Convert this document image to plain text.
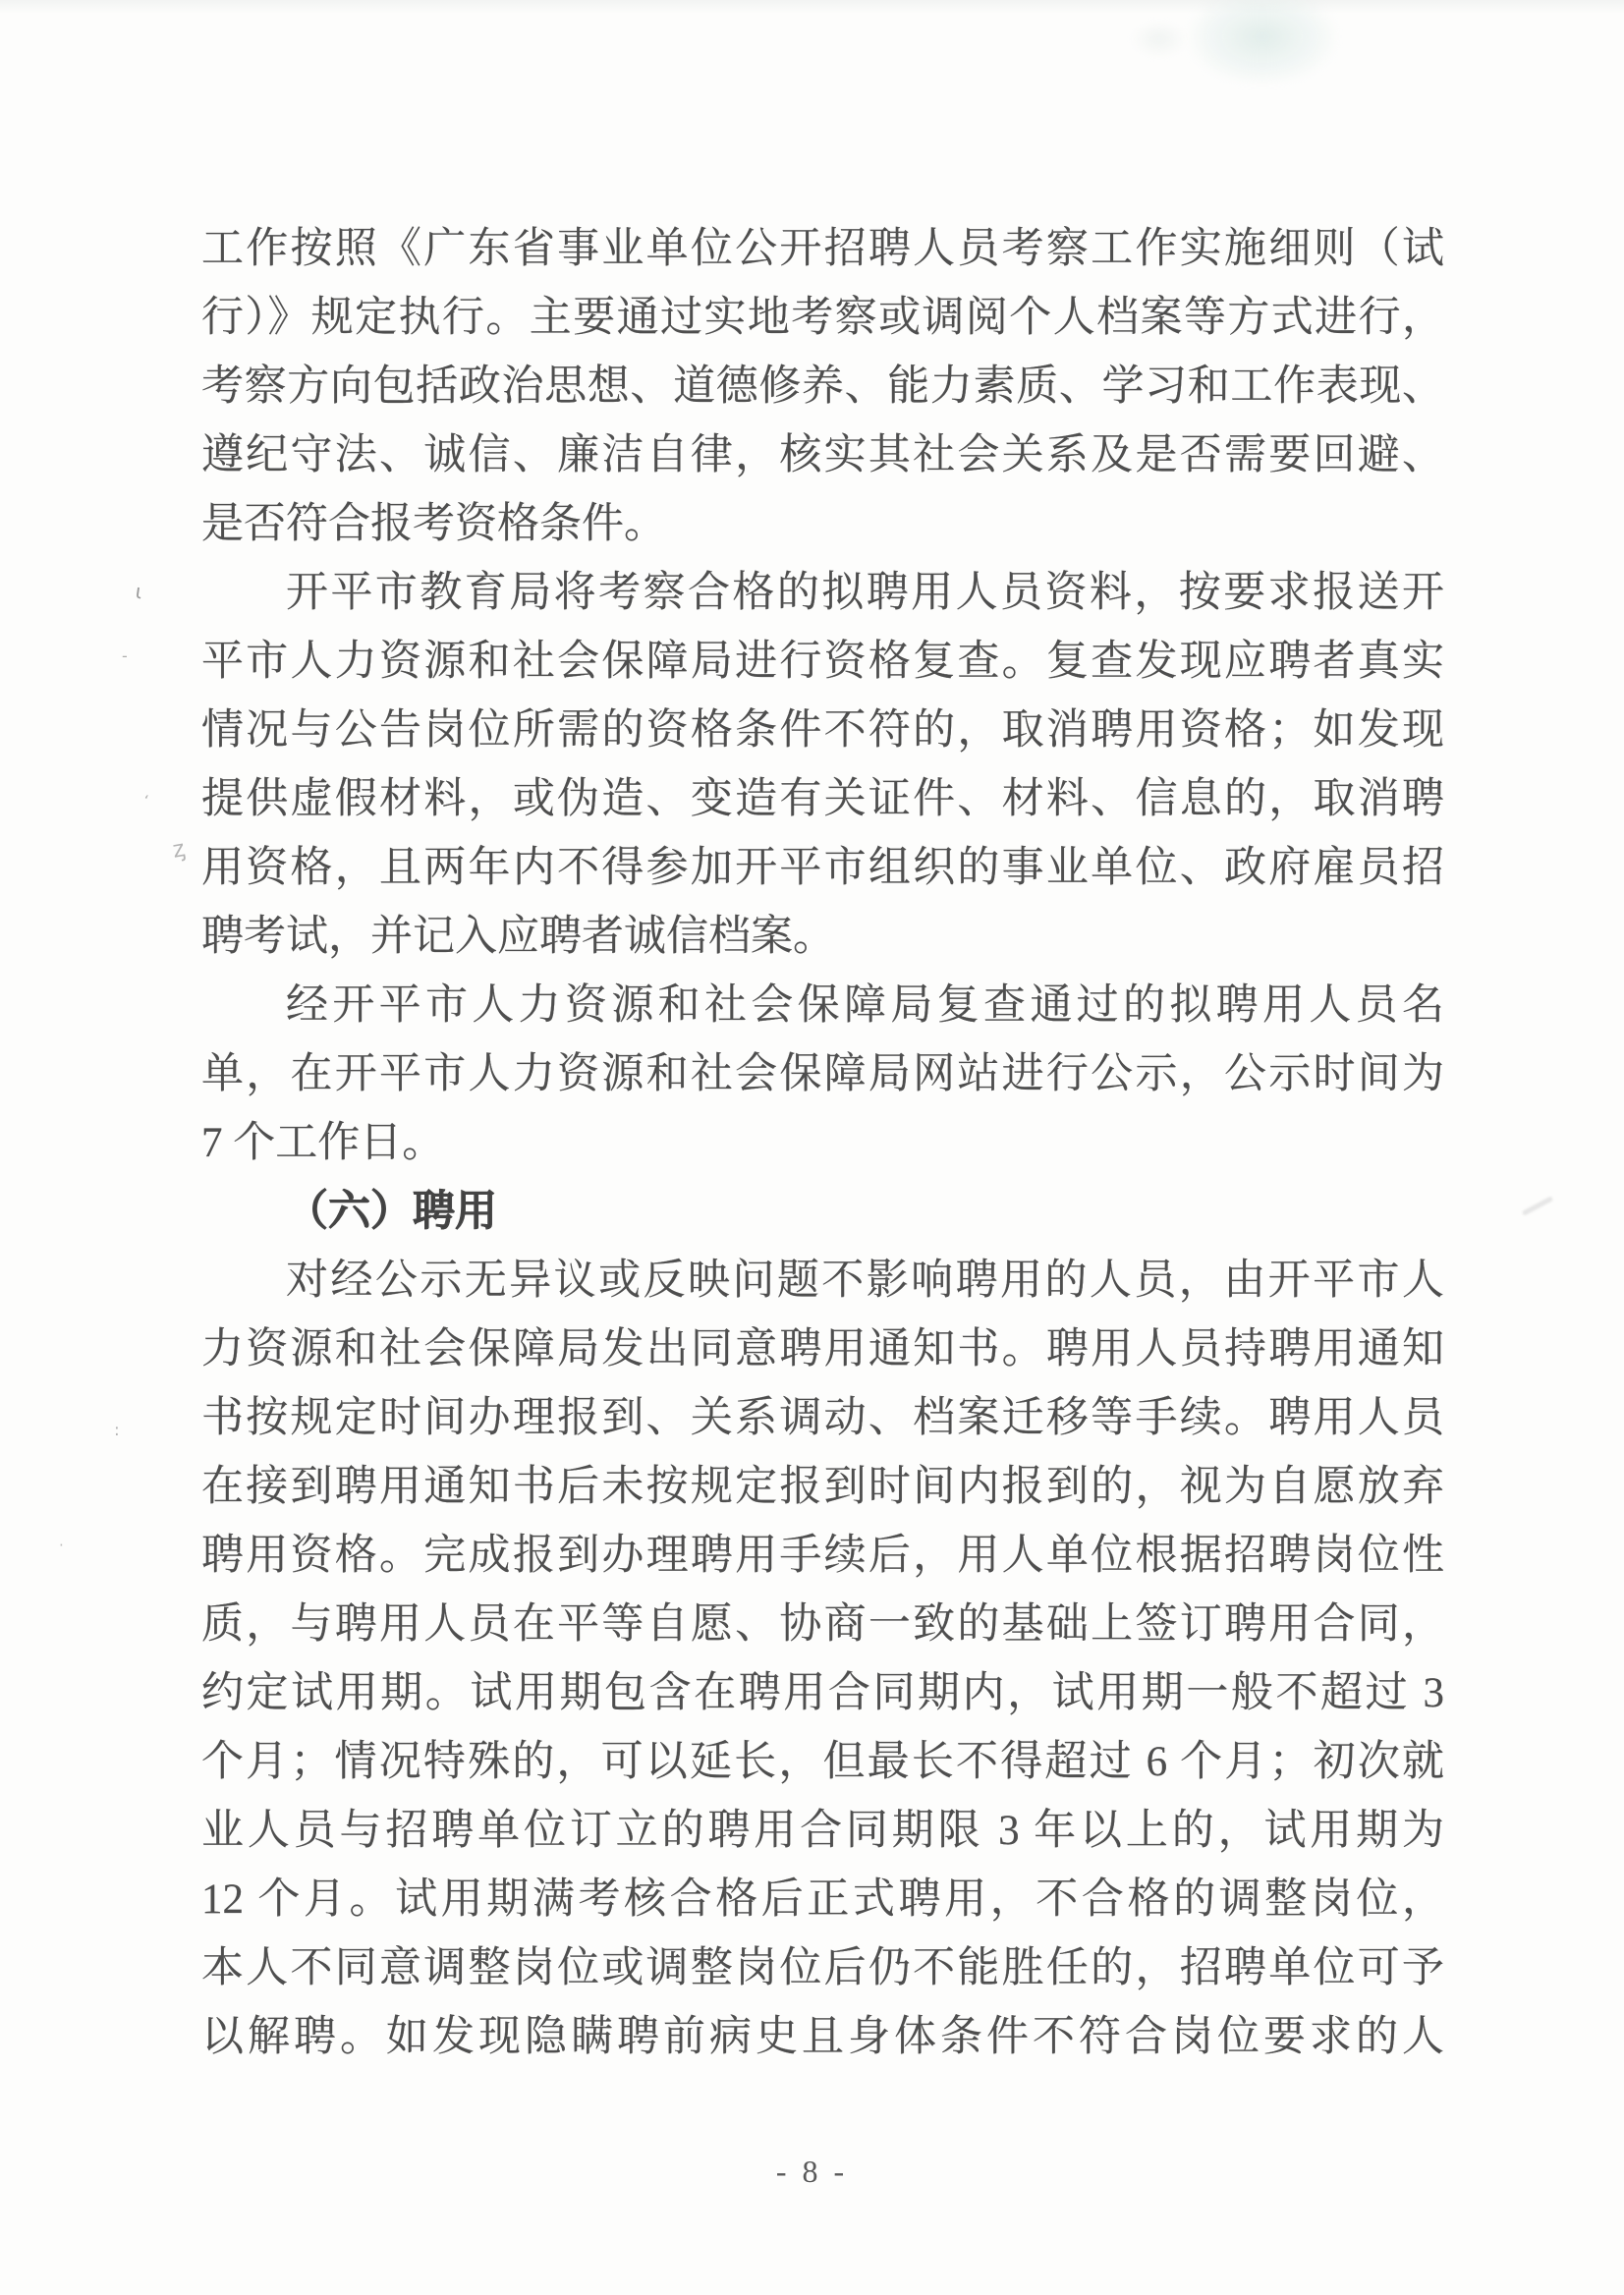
ι
-
ʻ
ᶎ
:
·
工作按照《广东省事业单位公开招聘人员考察工作实施细则（试
行）》规定执行。主要通过实地考察或调阅个人档案等方式进行，
考察方向包括政治思想、道德修养、能力素质、学习和工作表现、
遵纪守法、诚信、廉洁自律，核实其社会关系及是否需要回避、
是否符合报考资格条件。
开平市教育局将考察合格的拟聘用人员资料，按要求报送开
平市人力资源和社会保障局进行资格复查。复查发现应聘者真实
情况与公告岗位所需的资格条件不符的，取消聘用资格；如发现
提供虚假材料，或伪造、变造有关证件、材料、信息的，取消聘
用资格，且两年内不得参加开平市组织的事业单位、政府雇员招
聘考试，并记入应聘者诚信档案。
经开平市人力资源和社会保障局复查通过的拟聘用人员名
单，在开平市人力资源和社会保障局网站进行公示，公示时间为
7 个工作日。
（六）聘用
对经公示无异议或反映问题不影响聘用的人员，由开平市人
力资源和社会保障局发出同意聘用通知书。聘用人员持聘用通知
书按规定时间办理报到、关系调动、档案迁移等手续。聘用人员
在接到聘用通知书后未按规定报到时间内报到的，视为自愿放弃
聘用资格。完成报到办理聘用手续后，用人单位根据招聘岗位性
质，与聘用人员在平等自愿、协商一致的基础上签订聘用合同，
约定试用期。试用期包含在聘用合同期内，试用期一般不超过 3
个月；情况特殊的，可以延长，但最长不得超过 6 个月；初次就
业人员与招聘单位订立的聘用合同期限 3 年以上的，试用期为
12 个月。试用期满考核合格后正式聘用，不合格的调整岗位，
本人不同意调整岗位或调整岗位后仍不能胜任的，招聘单位可予
以解聘。如发现隐瞒聘前病史且身体条件不符合岗位要求的人
- 8 -
